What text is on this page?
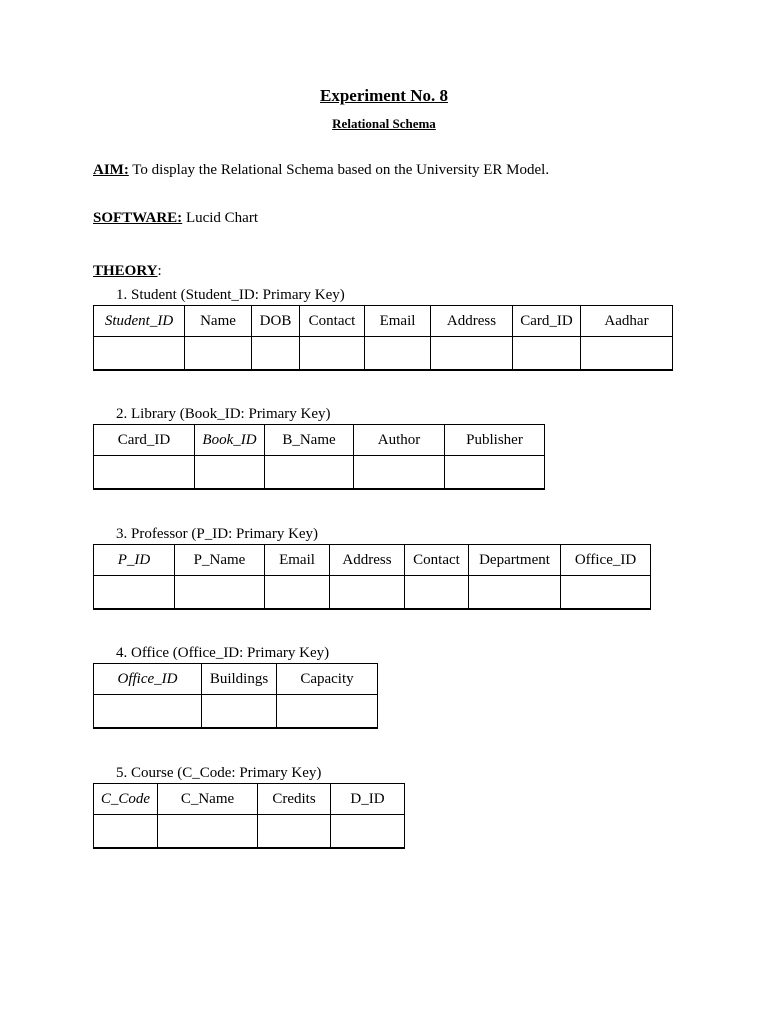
Experiment No. 8
Relational Schema
AIM: To display the Relational Schema based on the University ER Model.
SOFTWARE: Lucid Chart
THEORY:
1. Student (Student_ID: Primary Key)
Student_ID	Name	DOB	Contact	Email	Address	Card_ID	Aadhar

2. Library (Book_ID: Primary Key)
Card_ID	Book_ID	B_Name	Author	Publisher

3. Professor (P_ID: Primary Key)
P_ID	P_Name	Email	Address	Contact	Department	Office_ID

4. Office (Office_ID: Primary Key)
Office_ID	Buildings	Capacity

5. Course (C_Code: Primary Key)
C_Code	C_Name	Credits	D_ID
